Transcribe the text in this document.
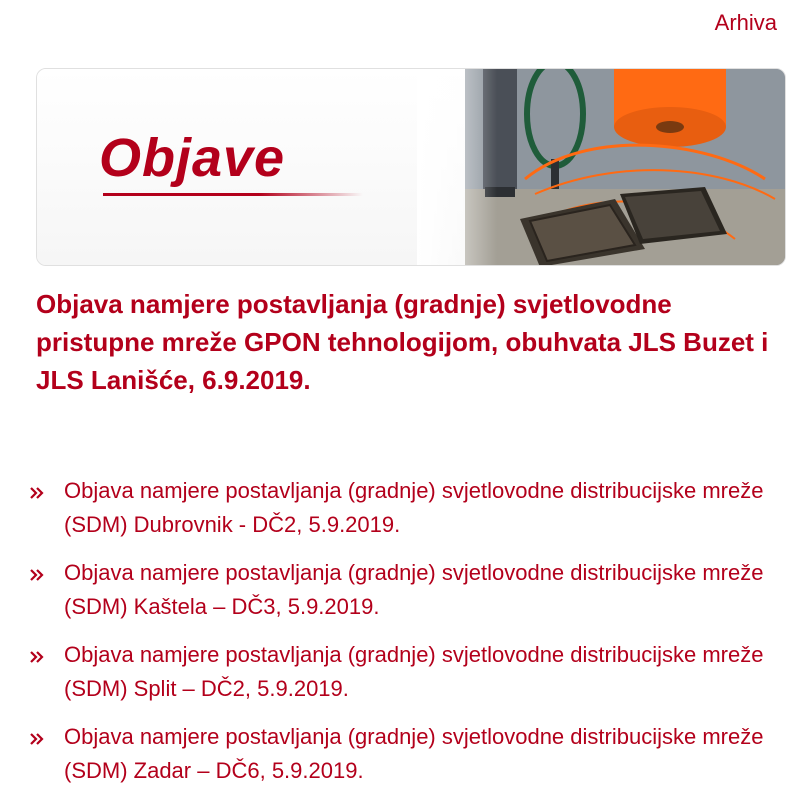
Arhiva
Objave
Objava namjere postavljanja (gradnje) svjetlovodne pristupne mreže GPON tehnologijom, obuhvata JLS Buzet i JLS Lanišće, 6.9.2019.
Objava namjere postavljanja (gradnje) svjetlovodne distribucijske mreže (SDM) Dubrovnik - DČ2, 5.9.2019.
Objava namjere postavljanja (gradnje) svjetlovodne distribucijske mreže (SDM) Kaštela – DČ3, 5.9.2019.
Objava namjere postavljanja (gradnje) svjetlovodne distribucijske mreže (SDM) Split – DČ2, 5.9.2019.
Objava namjere postavljanja (gradnje) svjetlovodne distribucijske mreže (SDM) Zadar – DČ6, 5.9.2019.
